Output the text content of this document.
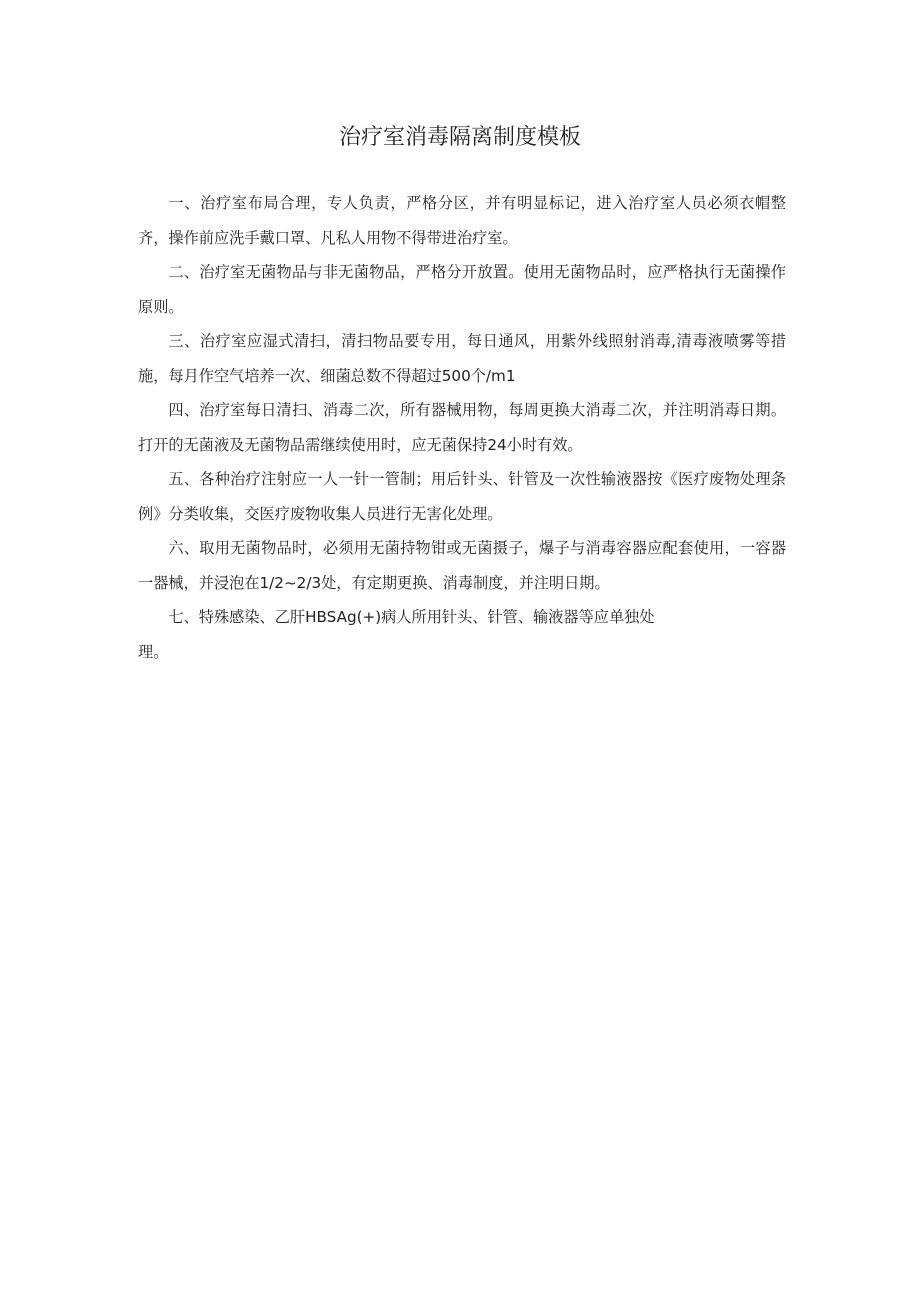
治疗室消毒隔离制度模板

一、治疗室布局合理，专人负责，严格分区，并有明显标记，进入治疗室人员必须衣帽整齐，操作前应洗手戴口罩、凡私人用物不得带进治疗室。

二、治疗室无菌物品与非无菌物品，严格分开放置。使用无菌物品时，应严格执行无菌操作原则。

三、治疗室应湿式清扫，清扫物品要专用，每日通风，用紫外线照射消毒,清毒液喷雾等措施，每月作空气培养一次、细菌总数不得超过500个/m1

四、治疗室每日清扫、消毒二次，所有器械用物，每周更换大消毒二次，并注明消毒日期。打开的无菌液及无菌物品需继续使用时，应无菌保持24小时有效。

五、各种治疗注射应一人一针一管制；用后针头、针管及一次性输液器按《医疗废物处理条例》分类收集，交医疗废物收集人员进行无害化处理。

六、取用无菌物品时，必须用无菌持物钳或无菌摄子，爆子与消毒容器应配套使用，一容器一器械，并浸泡在1/2~2/3处，有定期更换、消毒制度，并注明日期。

七、特殊感染、乙肝HBSAg(+)病人所用针头、针管、输液器等应单独处

理。
